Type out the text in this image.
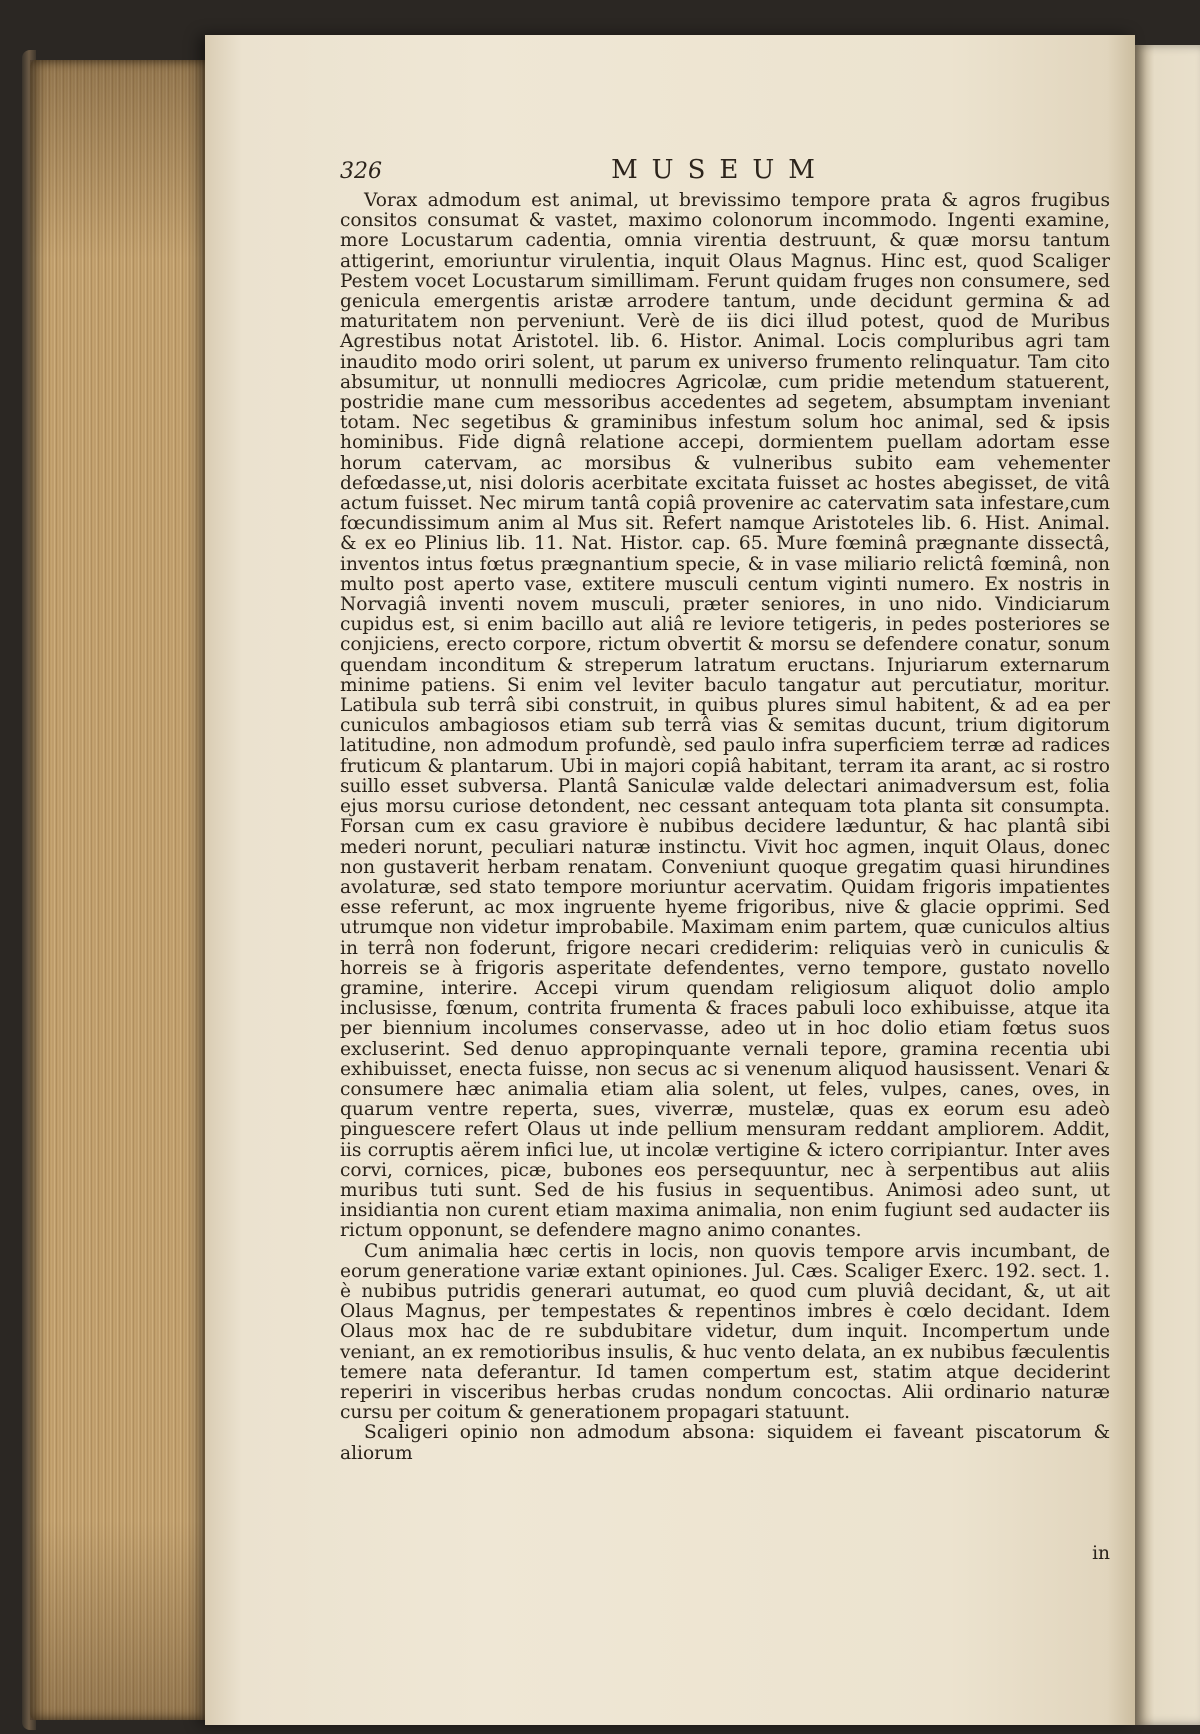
326	MUSEUM

Vorax admodum est animal, ut brevissimo tempore prata & agros frugibus consitos consumat & vastet, maximo colonorum incommodo. Ingenti examine, more Locustarum cadentia, omnia virentia destruunt, & quæ morsu tantum attigerint, emoriuntur virulentia, inquit Olaus Magnus. Hinc est, quod Scaliger Pestem vocet Locustarum simillimam. Ferunt quidam fruges non consumere, sed genicula emergentis aristæ arrodere tantum, unde decidunt germina & ad maturitatem non perveniunt. Verè de iis dici illud potest, quod de Muribus Agrestibus notat Aristotel. lib. 6. Histor. Animal. Locis compluribus agri tam inaudito modo oriri solent, ut parum ex universo frumento relinquatur. Tam cito absumitur, ut nonnulli mediocres Agricolæ, cum pridie metendum statuerent, postridie mane cum messoribus accedentes ad segetem, absumptam inveniant totam. Nec segetibus & graminibus infestum solum hoc animal, sed & ipsis hominibus. Fide dignâ relatione accepi, dormientem puellam adortam esse horum catervam, ac morsibus & vulneribus subito eam vehementer defœdasse,ut, nisi doloris acerbitate excitata fuisset ac hostes abegisset, de vitâ actum fuisset. Nec mirum tantâ copiâ provenire ac catervatim sata infestare,cum fœcundissimum anim al Mus sit. Refert namque Aristoteles lib. 6. Hist. Animal. & ex eo Plinius lib. 11. Nat. Histor. cap. 65. Mure fœminâ prægnante dissectâ, inventos intus fœtus prægnantium specie, & in vase miliario relictâ fœminâ, non multo post aperto vase, extitere musculi centum viginti numero. Ex nostris in Norvagiâ inventi novem musculi, præter seniores, in uno nido. Vindiciarum cupidus est, si enim bacillo aut aliâ re leviore tetigeris, in pedes posteriores se conjiciens, erecto corpore, rictum obvertit & morsu se defendere conatur, sonum quendam inconditum & streperum latratum eructans. Injuriarum externarum minime patiens. Si enim vel leviter baculo tangatur aut percutiatur, moritur. Latibula sub terrâ sibi construit, in quibus plures simul habitent, & ad ea per cuniculos ambagiosos etiam sub terrâ vias & semitas ducunt, trium digitorum latitudine, non admodum profundè, sed paulo infra superficiem terræ ad radices fruticum & plantarum. Ubi in majori copiâ habitant, terram ita arant, ac si rostro suillo esset subversa. Plantâ Saniculæ valde delectari animadversum est, folia ejus morsu curiose detondent, nec cessant antequam tota planta sit consumpta. Forsan cum ex casu graviore è nubibus decidere læduntur, & hac plantâ sibi mederi norunt, peculiari naturæ instinctu. Vivit hoc agmen, inquit Olaus, donec non gustaverit herbam renatam. Conveniunt quoque gregatim quasi hirundines avolaturæ, sed stato tempore moriuntur acervatim. Quidam frigoris impatientes esse referunt, ac mox ingruente hyeme frigoribus, nive & glacie opprimi. Sed utrumque non videtur improbabile. Maximam enim partem, quæ cuniculos altius in terrâ non foderunt, frigore necari crediderim: reliquias verò in cuniculis & horreis se à frigoris asperitate defendentes, verno tempore, gustato novello gramine, interire. Accepi virum quendam religiosum aliquot dolio amplo inclusisse, fœnum, contrita frumenta & fraces pabuli loco exhibuisse, atque ita per biennium incolumes conservasse, adeo ut in hoc dolio etiam fœtus suos excluserint. Sed denuo appropinquante vernali tepore, gramina recentia ubi exhibuisset, enecta fuisse, non secus ac si venenum aliquod hausissent. Venari & consumere hæc animalia etiam alia solent, ut feles, vulpes, canes, oves, in quarum ventre reperta, sues, viverræ, mustelæ, quas ex eorum esu adeò pinguescere refert Olaus ut inde pellium mensuram reddant ampliorem. Addit, iis corruptis aërem infici lue, ut incolæ vertigine & ictero corripiantur. Inter aves corvi, cornices, picæ, bubones eos persequuntur, nec à serpentibus aut aliis muribus tuti sunt. Sed de his fusius in sequentibus. Animosi adeo sunt, ut insidiantia non curent etiam maxima animalia, non enim fugiunt sed audacter iis rictum opponunt, se defendere magno animo conantes.

Cum animalia hæc certis in locis, non quovis tempore arvis incumbant, de eorum generatione variæ extant opiniones. Jul. Cæs. Scaliger Exerc. 192. sect. 1. è nubibus putridis generari autumat, eo quod cum pluviâ decidant, &, ut ait Olaus Magnus, per tempestates & repentinos imbres è cœlo decidant. Idem Olaus mox hac de re subdubitare videtur, dum inquit. Incompertum unde veniant, an ex remotioribus insulis, & huc vento delata, an ex nubibus fæculentis temere nata deferantur. Id tamen compertum est, statim atque deciderint reperiri in visceribus herbas crudas nondum concoctas. Alii ordinario naturæ cursu per coitum & generationem propagari statuunt.

Scaligeri opinio non admodum absona: siquidem ei faveant piscatorum & aliorum

in
